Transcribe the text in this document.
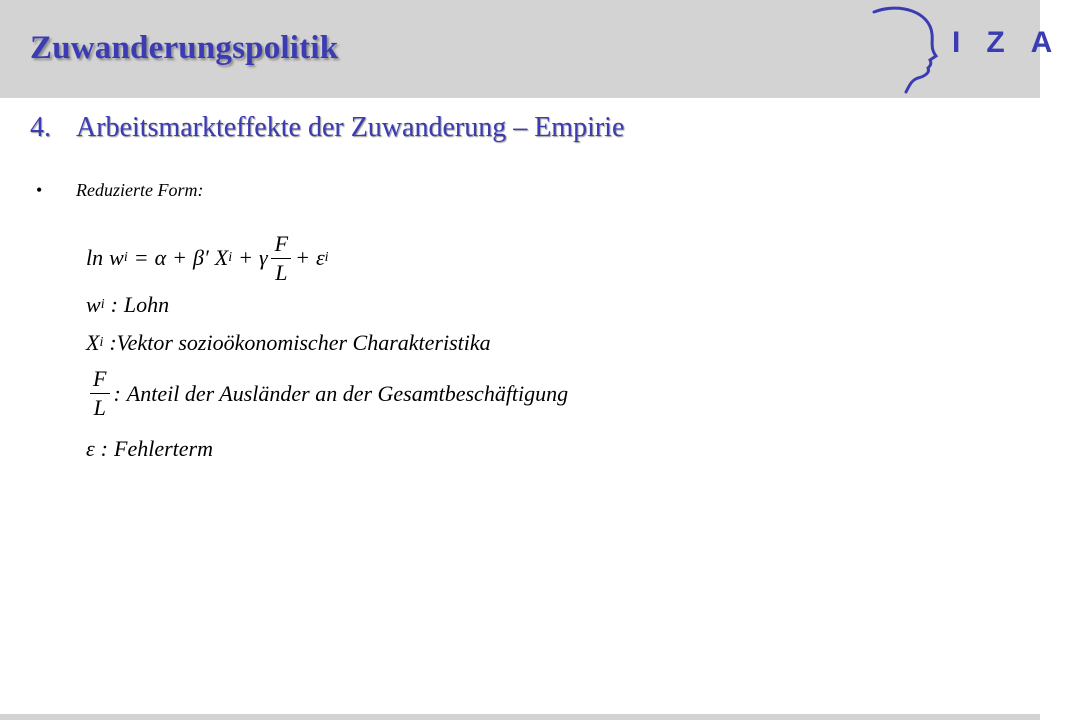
Zuwanderungspolitik	IZA
4. Arbeitsmarkteffekte der Zuwanderung – Empirie
• Reduzierte Form:
ln w i = α + β′ X i + γ $\frac{F}{L} + \varepsilon$ i
w i : Lohn
X i : Vektor sozioökonomischer Charakteristika
$\frac{F}{L}$ : Anteil der Ausländer an der Gesamtbeschäftigung
ε : Fehlerterm
